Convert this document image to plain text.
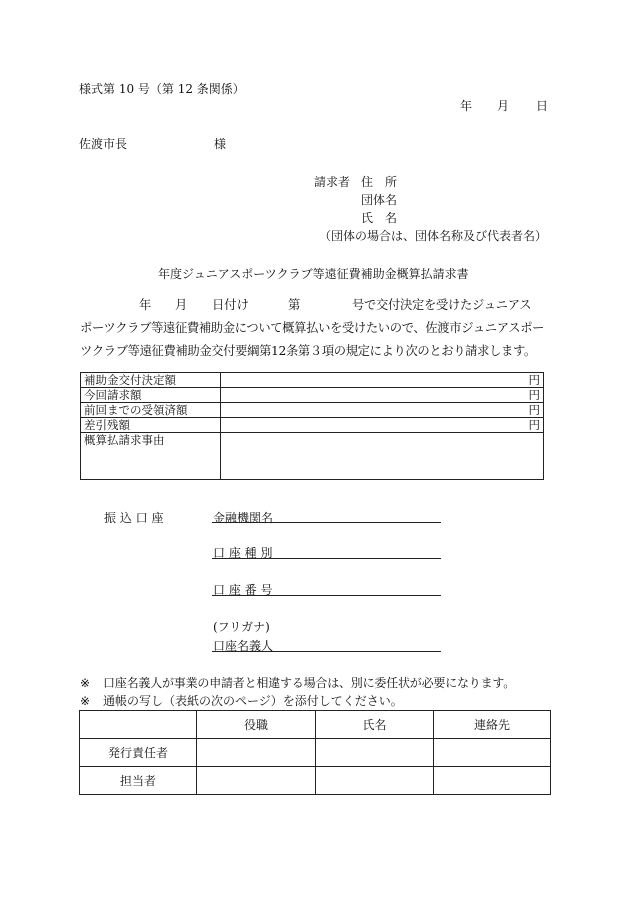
様式第 10 号（第 12 条関係）
年 月 日
佐渡市長	様
請求者 住　所
団体名
氏　名
（団体の場合は、団体名称及び代表者名）
年度ジュニアスポーツクラブ等遠征費補助金概算払請求書
年 月 日付け	第	号で交付決定を受けたジュニアス
ポーツクラブ等遠征費補助金について概算払いを受けたいので、佐渡市ジュニアスポー
ツクラブ等遠征費補助金交付要綱第12条第３項の規定により次のとおり請求します。
補助金交付決定額	円
今回請求額	円
前回までの受領済額	円
差引残額	円
概算払請求事由	
振 込 口 座	金融機関名
口 座 種 別
口 座 番 号
(フリガナ)
口座名義人
※ 口座名義人が事業の申請者と相違する場合は、別に委任状が必要になります。
※ 通帳の写し（表紙の次のページ）を添付してください。
	役職	氏名	連絡先
発行責任者			
担当者			
